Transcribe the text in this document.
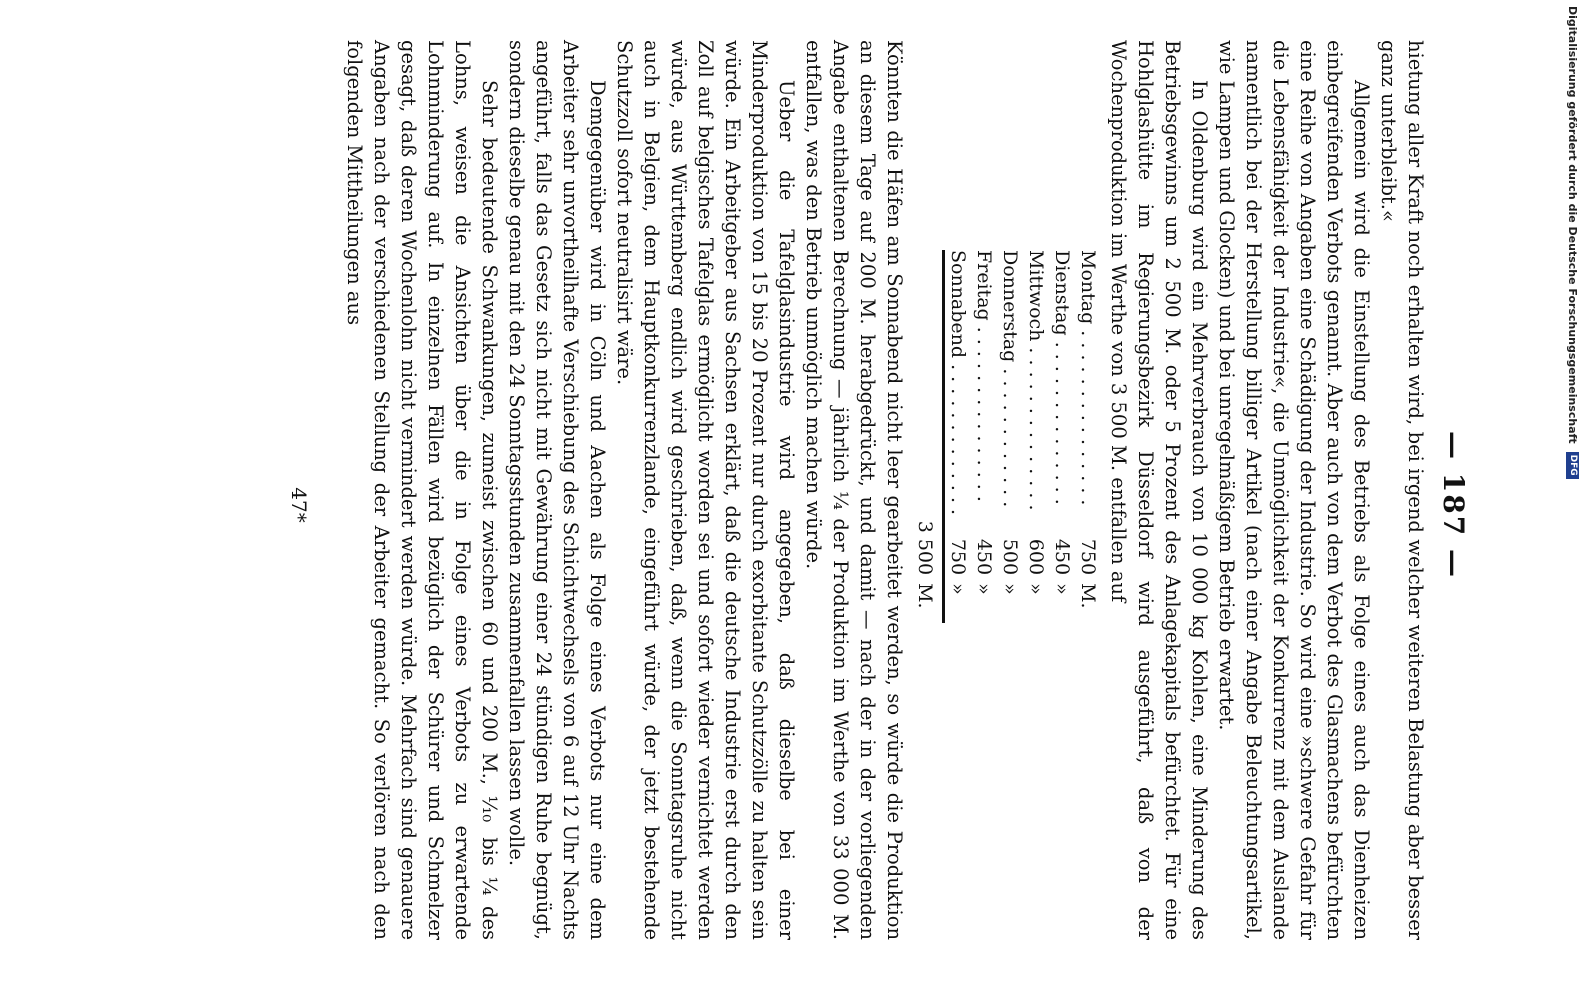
— 187 —

hietung aller Kraft noch erhalten wird, bei irgend welcher weiteren Belastung aber besser ganz unterbleibt.«

Allgemein wird die Einstellung des Betriebs als Folge eines auch das Dienheizen einbegreifenden Verbots genannt. Aber auch von dem Verbot des Glasmachens befürchten eine Reihe von Angaben eine Schädigung der Industrie. So wird eine »schwere Gefahr für die Lebensfähigkeit der Industrie«, die Unmöglichkeit der Konkurrenz mit dem Auslande namentlich bei der Herstellung billiger Artikel (nach einer Angabe Beleuchtungsartikel, wie Lampen und Glocken) und bei unregelmäßigem Betrieb erwartet.

In Oldenburg wird ein Mehrverbrauch von 10 000 kg Kohlen, eine Minderung des Betriebsgewinns um 2 500 M. oder 5 Prozent des Anlagekapitals befürchtet. Für eine Hohlglashütte im Regierungsbezirk Düsseldorf wird ausgeführt, daß von der Wochenproduktion im Werthe von 3 500 M. entfallen auf

Montag . . . . . . . . . . . . . . .	750	M.
Dienstag . . . . . . . . . . . . . .	450	»
Mittwoch . . . . . . . . . . . . . .	600	»
Donnerstag . . . . . . . . . . . .	500	»
Freitag . . . . . . . . . . . . . . .	450	»
Sonnabend . . . . . . . . . . . . .	750	»
	3 500	M.

Könnten die Häfen am Sonnabend nicht leer gearbeitet werden, so würde die Produktion an diesem Tage auf 200 M. herabgedrückt, und damit — nach der in der vorliegenden Angabe enthaltenen Berechnung — jährlich ¼ der Produktion im Werthe von 33 000 M. entfallen, was den Betrieb unmöglich machen würde.

Ueber die Tafelglasindustrie wird angegeben, daß dieselbe bei einer Minderproduktion von 15 bis 20 Prozent nur durch exorbitante Schutzzölle zu halten sein würde. Ein Arbeitgeber aus Sachsen erklärt, daß die deutsche Industrie erst durch den Zoll auf belgisches Tafelglas ermöglicht worden sei und sofort wieder vernichtet werden würde, aus Württemberg endlich wird geschrieben, daß, wenn die Sonntagsruhe nicht auch in Belgien, dem Hauptkonkurrenzlande, eingeführt würde, der jetzt bestehende Schutzzoll sofort neutralisirt wäre.

Demgegenüber wird in Cöln und Aachen als Folge eines Verbots nur eine dem Arbeiter sehr unvortheilhafte Verschiebung des Schichtwechsels von 6 auf 12 Uhr Nachts angeführt, falls das Gesetz sich nicht mit Gewährung einer 24 stündigen Ruhe begnügt, sondern dieselbe genau mit den 24 Sonntagsstunden zusammenfallen lassen wolle.

Sehr bedeutende Schwankungen, zumeist zwischen 60 und 200 M., ⅒ bis ¼ des Lohns, weisen die Ansichten über die in Folge eines Verbots zu erwartende Lohnminderung auf. In einzelnen Fällen wird bezüglich der Schürer und Schmelzer gesagt, daß deren Wochenlohn nicht vermindert werden würde. Mehrfach sind genauere Angaben nach der verschiedenen Stellung der Arbeiter gemacht. So verlören nach den folgenden Mittheilungen aus

47*
Digitalisierung gefördert durch die Deutsche Forschungsgemeinschaft
DFG
